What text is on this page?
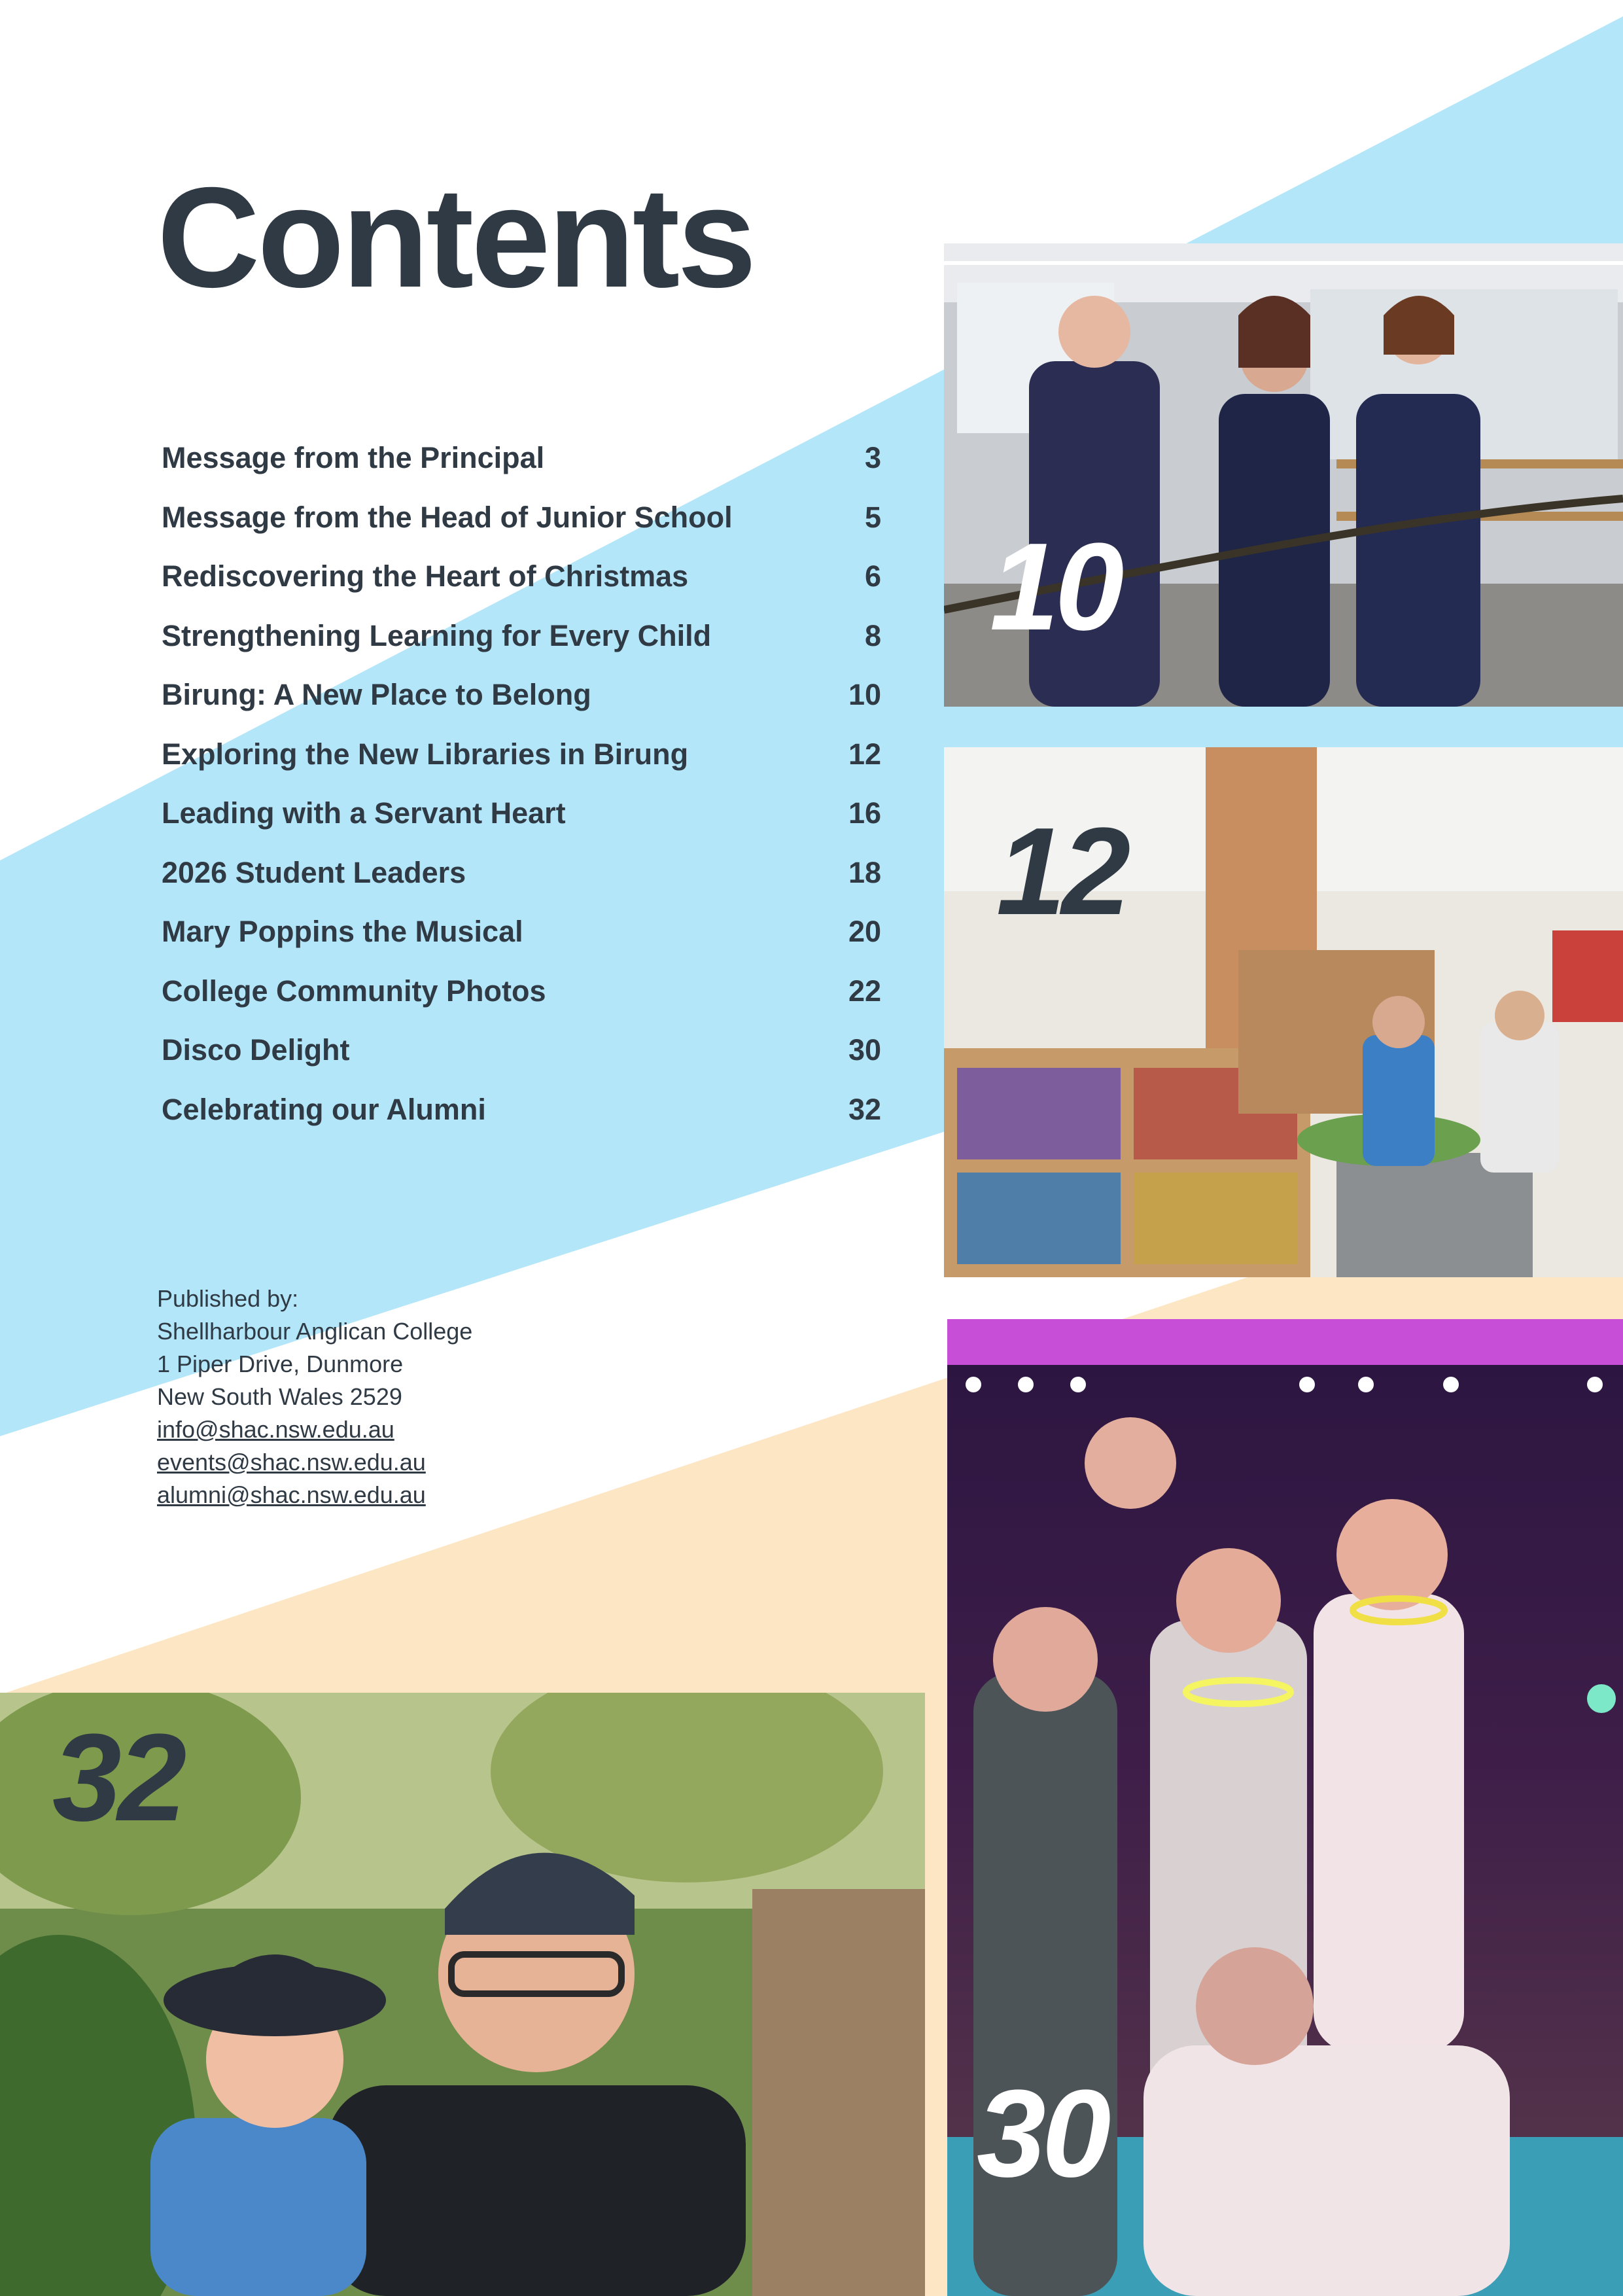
Contents
Message from the Principal	3
Message from the Head of Junior School	5
Rediscovering the Heart of Christmas	6
Strengthening Learning for Every Child	8
Birung: A New Place to Belong	10
Exploring the New Libraries in Birung	12
Leading with a Servant Heart	16
2026 Student Leaders	18
Mary Poppins the Musical	20
College Community Photos	22
Disco Delight	30
Celebrating our Alumni	32
Published by:
Shellharbour Anglican College
1 Piper Drive, Dunmore
New South Wales 2529
info@shac.nsw.edu.au
events@shac.nsw.edu.au
alumni@shac.nsw.edu.au
10
12
30
32
